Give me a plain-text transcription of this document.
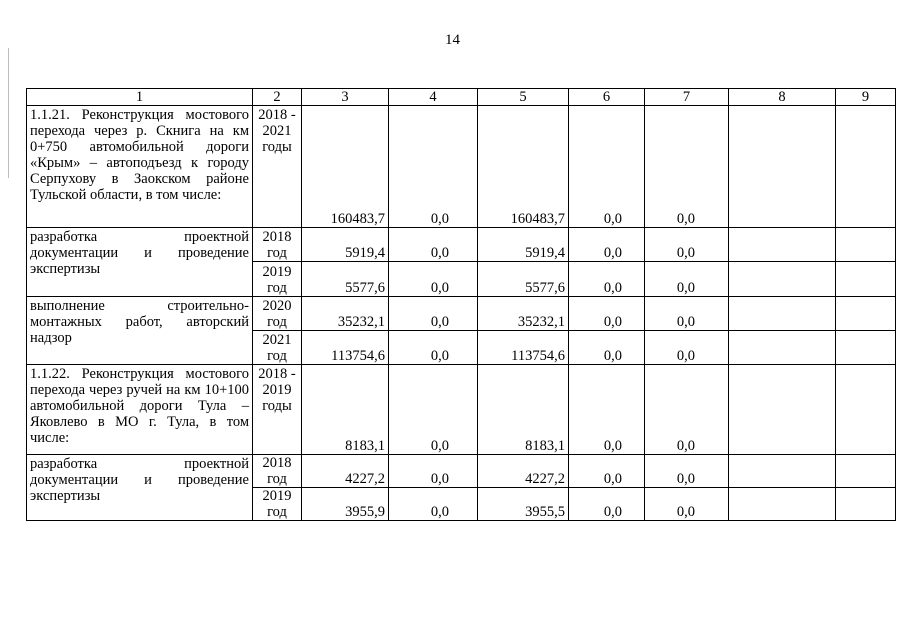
14
1	2	3	4	5	6	7	8	9
1.1.21. Реконструкция мостового перехода через р. Скнига на км 0+750 автомобильной дороги «Крым» – автоподъезд к городу Серпухову в Заокском районе Тульской области, в том числе:	2018 - 2021 годы	160483,7	0,0	160483,7	0,0	0,0		
разработка проектной документации и проведение экспертизы	2018 год	5919,4	0,0	5919,4	0,0	0,0		
	2019 год	5577,6	0,0	5577,6	0,0	0,0		
выполнение строительно-монтажных работ, авторский надзор	2020 год	35232,1	0,0	35232,1	0,0	0,0		
	2021 год	113754,6	0,0	113754,6	0,0	0,0		
1.1.22. Реконструкция мостового перехода через ручей на км 10+100 автомобильной дороги Тула – Яковлево в МО г. Тула, в том числе:	2018 - 2019 годы	8183,1	0,0	8183,1	0,0	0,0		
разработка проектной документации и проведение экспертизы	2018 год	4227,2	0,0	4227,2	0,0	0,0		
	2019 год	3955,9	0,0	3955,5	0,0	0,0		
